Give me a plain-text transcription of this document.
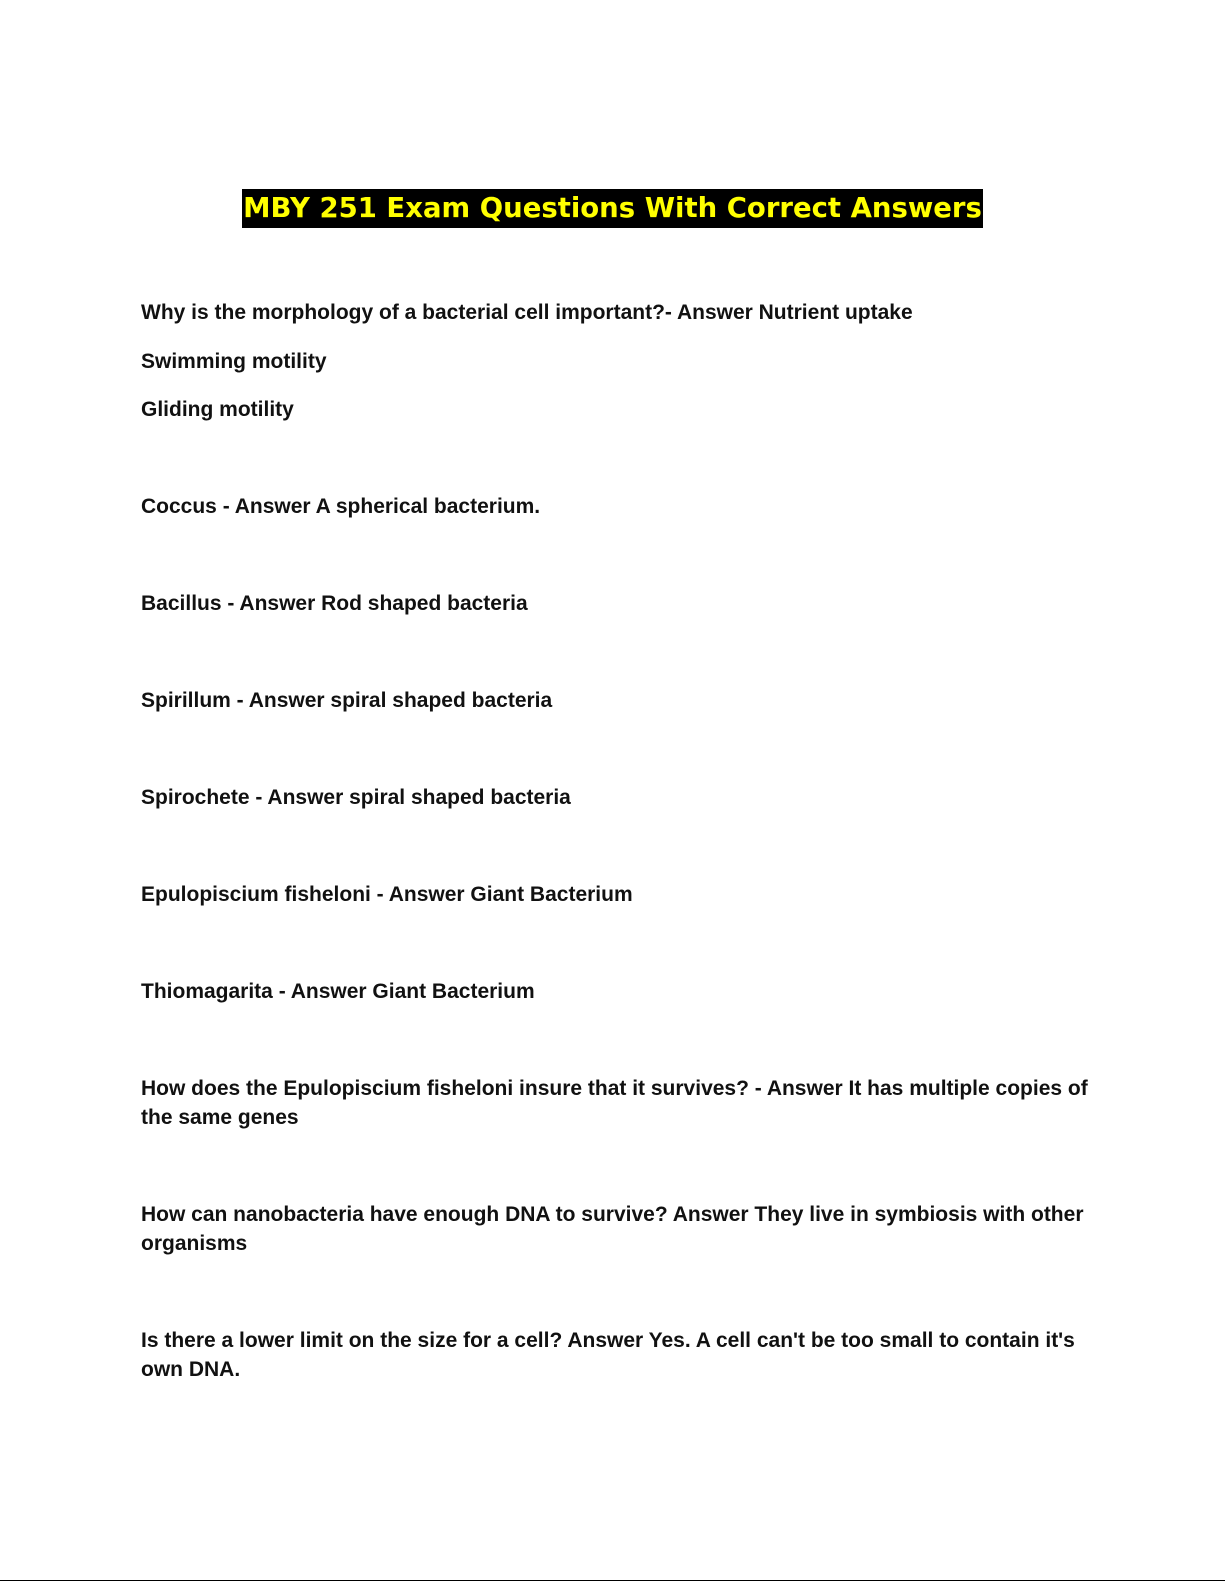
MBY 251 Exam Questions With Correct Answers

Why is the morphology of a bacterial cell important?- Answer Nutrient uptake

Swimming motility

Gliding motility

Coccus - Answer A spherical bacterium.

Bacillus - Answer Rod shaped bacteria

Spirillum - Answer spiral shaped bacteria

Spirochete - Answer spiral shaped bacteria

Epulopiscium fisheloni - Answer Giant Bacterium

Thiomagarita - Answer Giant Bacterium

How does the Epulopiscium fisheloni insure that it survives? - Answer It has multiple copies of the same genes

How can nanobacteria have enough DNA to survive? Answer They live in symbiosis with other organisms

Is there a lower limit on the size for a cell? Answer Yes. A cell can't be too small to contain it's own DNA.
